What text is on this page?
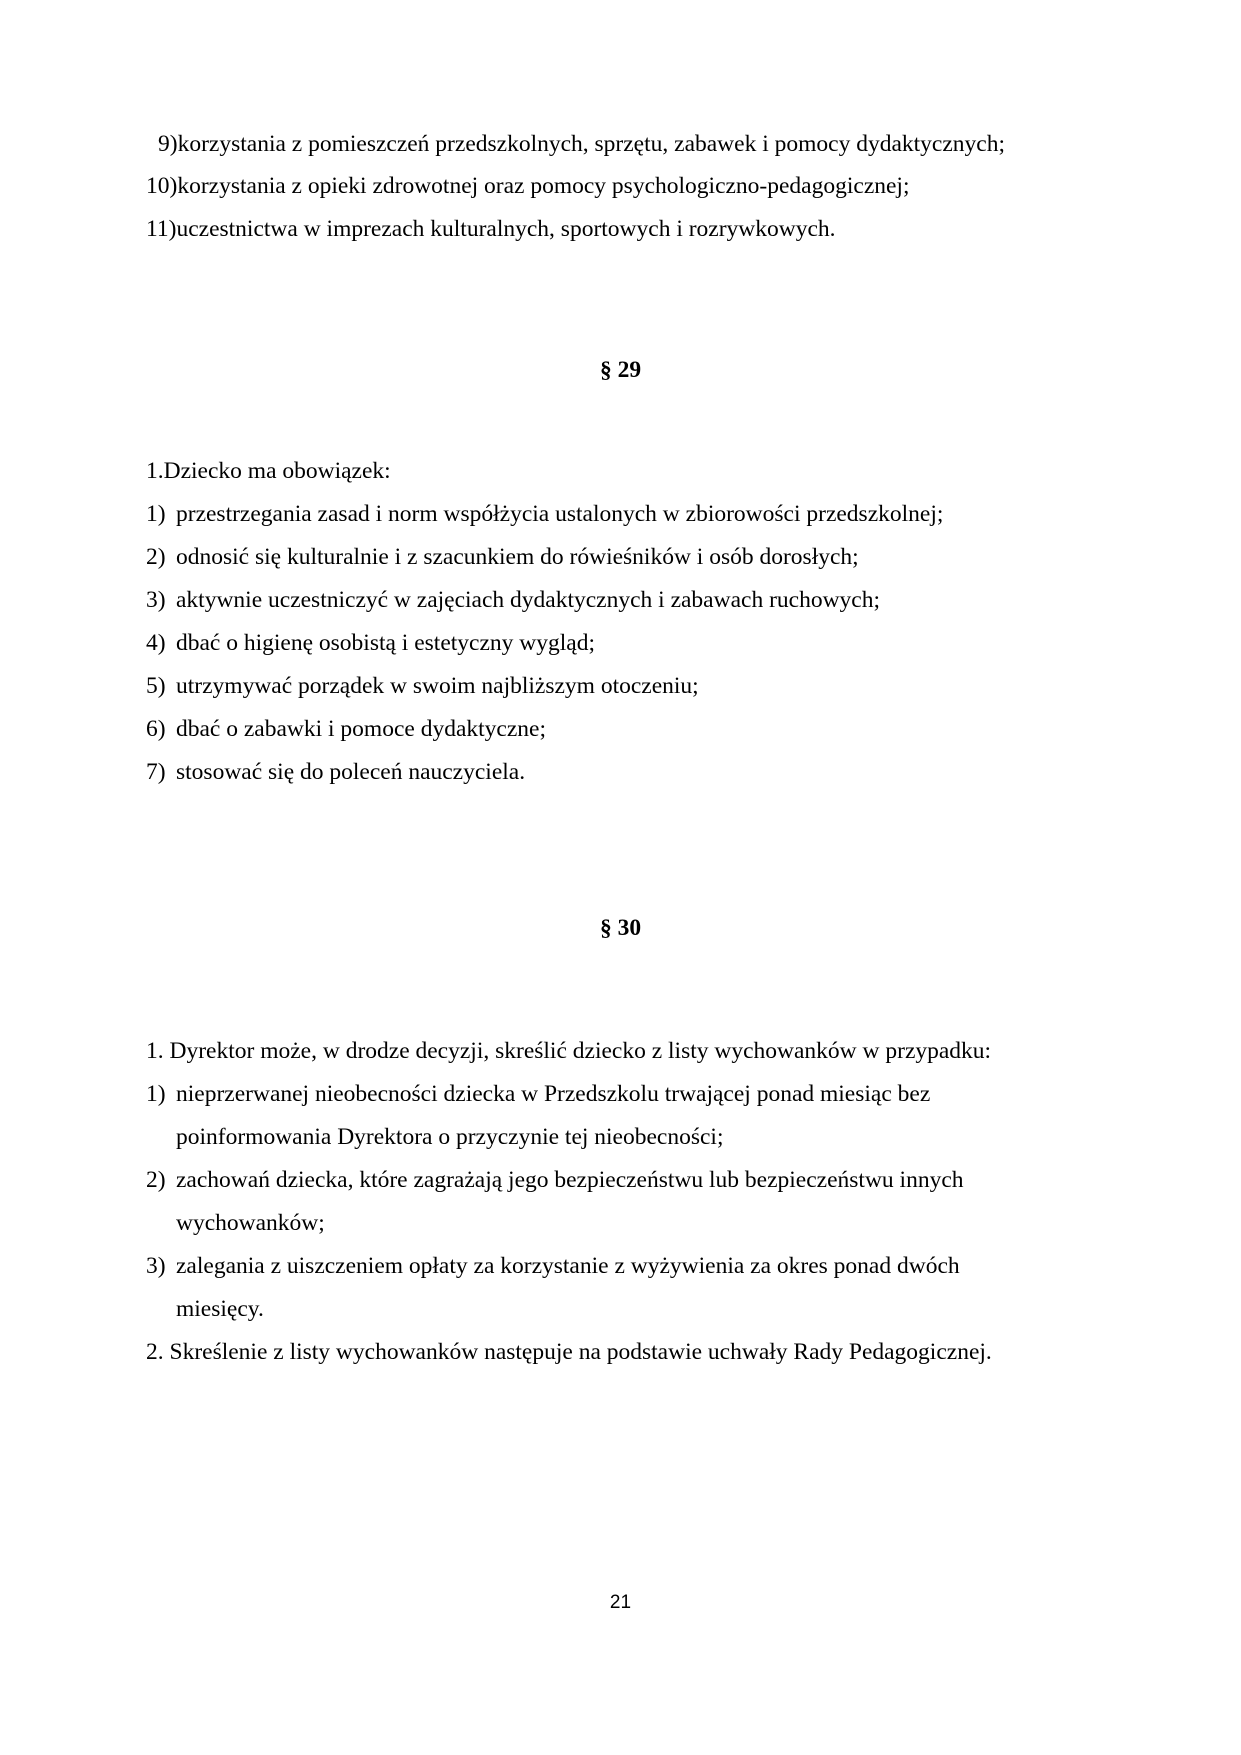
9)korzystania z pomieszczeń przedszkolnych, sprzętu, zabawek i pomocy dydaktycznych;
10)korzystania z opieki zdrowotnej oraz pomocy psychologiczno-pedagogicznej;
11)uczestnictwa w imprezach kulturalnych, sportowych i rozrywkowych.
§ 29
1.Dziecko ma obowiązek:
1) przestrzegania zasad i norm współżycia ustalonych w zbiorowości przedszkolnej;
2) odnosić się kulturalnie i z szacunkiem do rówieśników i osób dorosłych;
3) aktywnie uczestniczyć w zajęciach dydaktycznych i zabawach ruchowych;
4) dbać o higienę osobistą i estetyczny wygląd;
5) utrzymywać porządek w swoim najbliższym otoczeniu;
6) dbać o zabawki i pomoce dydaktyczne;
7) stosować się do poleceń nauczyciela.
§ 30
1. Dyrektor może, w drodze decyzji, skreślić dziecko z listy wychowanków w przypadku:
1) nieprzerwanej nieobecności dziecka w Przedszkolu trwającej ponad miesiąc bez
poinformowania Dyrektora o przyczynie tej nieobecności;
2) zachowań dziecka, które zagrażają jego bezpieczeństwu lub bezpieczeństwu innych
wychowanków;
3) zalegania z uiszczeniem opłaty za korzystanie z wyżywienia za okres ponad dwóch
miesięcy.
2. Skreślenie z listy wychowanków następuje na podstawie uchwały Rady Pedagogicznej.
21
